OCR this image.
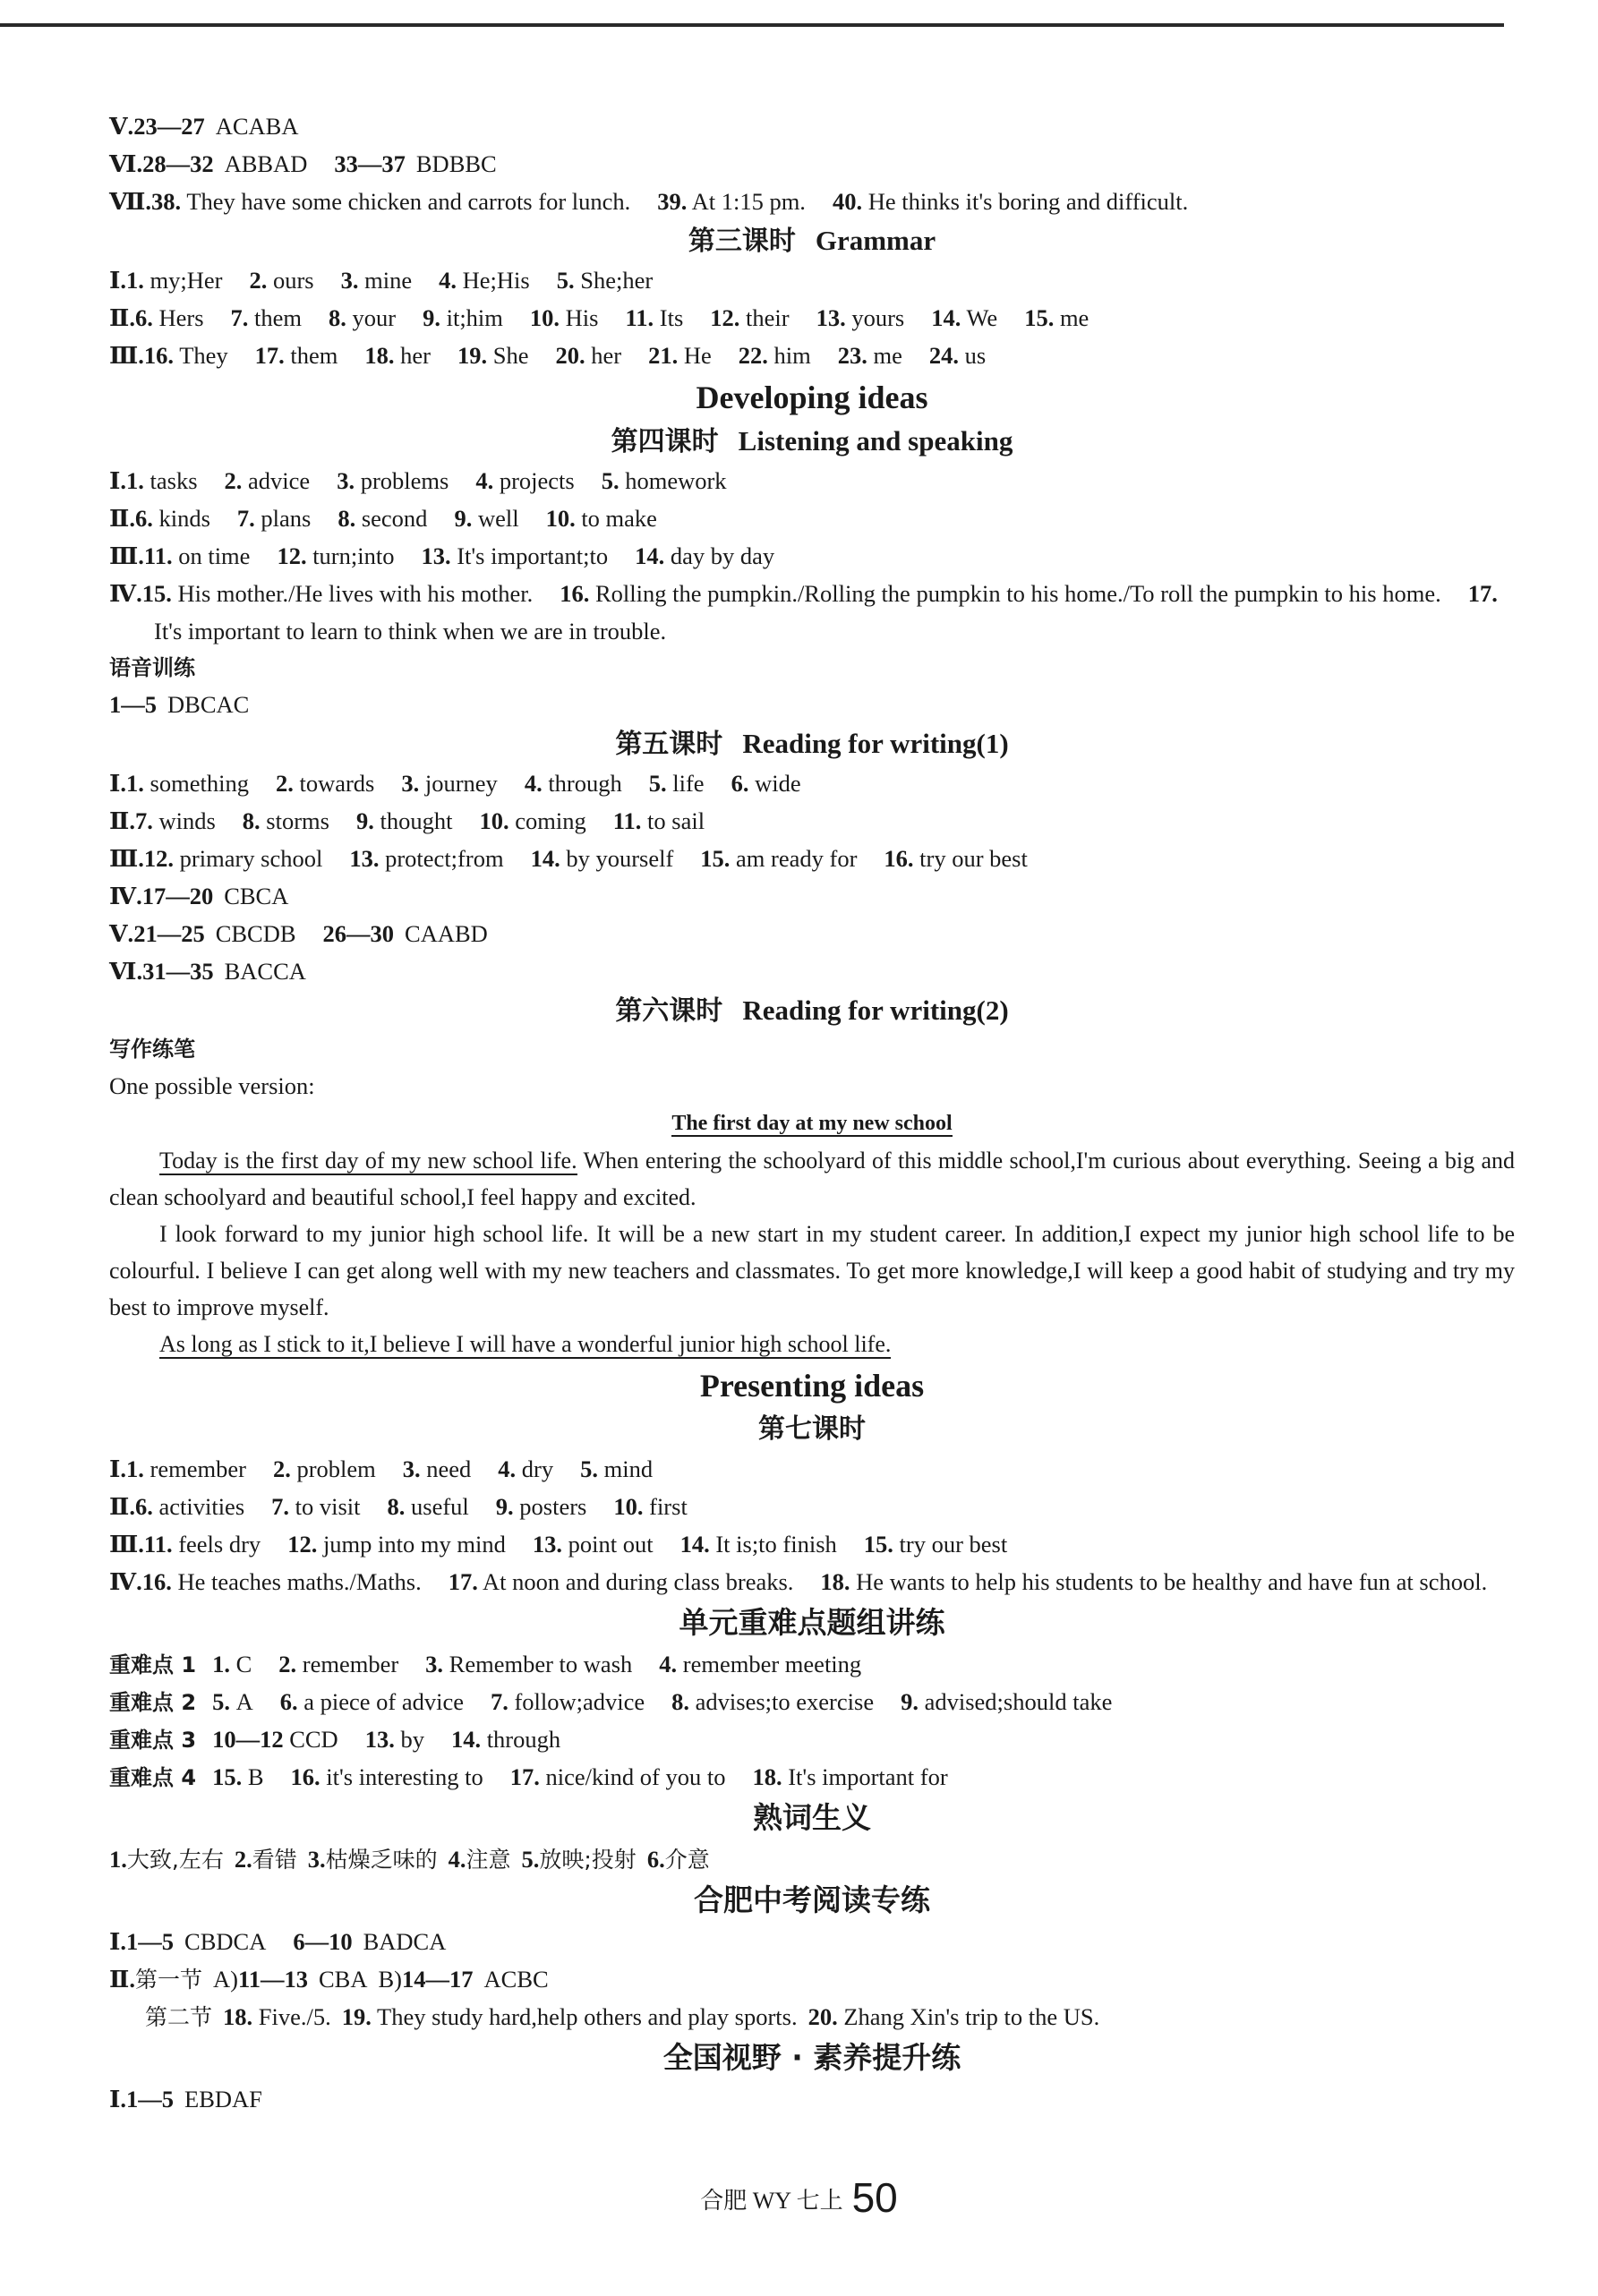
Ⅴ.23—27 ACABA
Ⅵ.28—32 ABBAD 33—37 BDBBC
Ⅶ.38. They have some chicken and carrots for lunch. 39. At 1:15 pm. 40. He thinks it's boring and difficult.
第三课时 Grammar
Ⅰ.1. my;Her 2. ours 3. mine 4. He;His 5. She;her
Ⅱ.6. Hers 7. them 8. your 9. it;him 10. His 11. Its 12. their 13. yours 14. We 15. me
Ⅲ.16. They 17. them 18. her 19. She 20. her 21. He 22. him 23. me 24. us
Developing ideas
第四课时 Listening and speaking
Ⅰ.1. tasks 2. advice 3. problems 4. projects 5. homework
Ⅱ.6. kinds 7. plans 8. second 9. well 10. to make
Ⅲ.11. on time 12. turn;into 13. It's important;to 14. day by day
Ⅳ.15. His mother./He lives with his mother. 16. Rolling the pumpkin./Rolling the pumpkin to his home./To roll the pumpkin to his home. 17. It's important to learn to think when we are in trouble.
语音训练
1—5 DBCAC
第五课时 Reading for writing(1)
Ⅰ.1. something 2. towards 3. journey 4. through 5. life 6. wide
Ⅱ.7. winds 8. storms 9. thought 10. coming 11. to sail
Ⅲ.12. primary school 13. protect;from 14. by yourself 15. am ready for 16. try our best
Ⅳ.17—20 CBCA
Ⅴ.21—25 CBCDB 26—30 CAABD
Ⅵ.31—35 BACCA
第六课时 Reading for writing(2)
写作练笔
One possible version:
The first day at my new school
Today is the first day of my new school life. When entering the schoolyard of this middle school,I'm curious about everything. Seeing a big and clean schoolyard and beautiful school,I feel happy and excited.
I look forward to my junior high school life. It will be a new start in my student career. In addition,I expect my junior high school life to be colourful. I believe I can get along well with my new teachers and classmates. To get more knowledge,I will keep a good habit of studying and try my best to improve myself.
As long as I stick to it,I believe I will have a wonderful junior high school life.
Presenting ideas
第七课时
Ⅰ.1. remember 2. problem 3. need 4. dry 5. mind
Ⅱ.6. activities 7. to visit 8. useful 9. posters 10. first
Ⅲ.11. feels dry 12. jump into my mind 13. point out 14. It is;to finish 15. try our best
Ⅳ.16. He teaches maths./Maths. 17. At noon and during class breaks. 18. He wants to help his students to be healthy and have fun at school.
单元重难点题组讲练
重难点 1 1. C 2. remember 3. Remember to wash 4. remember meeting
重难点 2 5. A 6. a piece of advice 7. follow;advice 8. advises;to exercise 9. advised;should take
重难点 3 10—12 CCD 13. by 14. through
重难点 4 15. B 16. it's interesting to 17. nice/kind of you to 18. It's important for
熟词生义
1.大致,左右 2.看错 3.枯燥乏味的 4.注意 5.放映;投射 6.介意
合肥中考阅读专练
Ⅰ.1—5 CBDCA 6—10 BADCA
Ⅱ.第一节 A)11—13 CBA B)14—17 ACBC
第二节 18. Five./5. 19. They study hard,help others and play sports. 20. Zhang Xin's trip to the US.
全国视野 · 素养提升练
Ⅰ.1—5 EBDAF
合肥 WY 七上 50
